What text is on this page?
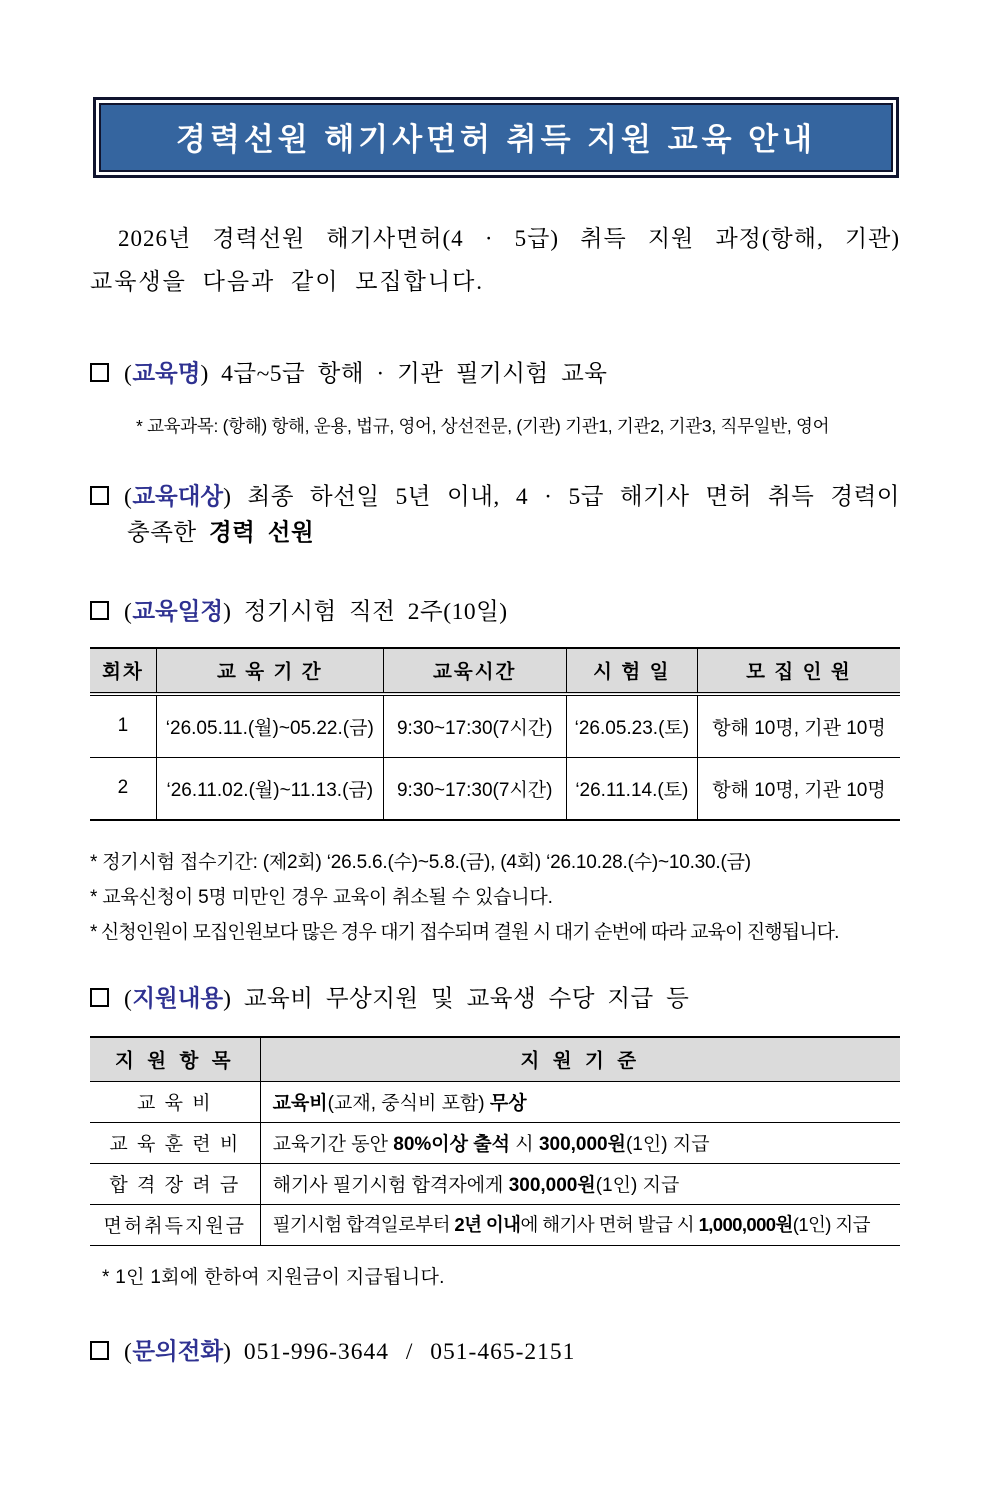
경력선원 해기사면허 취득 지원 교육 안내
2026년 경력선원 해기사면허(4 · 5급) 취득 지원 과정(항해, 기관)
교육생을 다음과 같이 모집합니다.
(교육명) 4급~5급 항해 · 기관 필기시험 교육
* 교육과목: (항해) 항해, 운용, 법규, 영어, 상선전문, (기관) 기관1, 기관2, 기관3, 직무일반, 영어
(교육대상) 최종 하선일 5년 이내, 4 · 5급 해기사 면허 취득 경력이
충족한 경력 선원
(교육일정) 정기시험 직전 2주(10일)
회차	교 육 기 간	교육시간	시 험 일	모 집 인 원
1	‘26.05.11.(월)~05.22.(금)	9:30~17:30(7시간)	‘26.05.23.(토)	항해 10명, 기관 10명
2	‘26.11.02.(월)~11.13.(금)	9:30~17:30(7시간)	‘26.11.14.(토)	항해 10명, 기관 10명
* 정기시험 접수기간: (제2회) ‘26.5.6.(수)~5.8.(금), (4회) ‘26.10.28.(수)~10.30.(금)
* 교육신청이 5명 미만인 경우 교육이 취소될 수 있습니다.
* 신청인원이 모집인원보다 많은 경우 대기 접수되며 결원 시 대기 순번에 따라 교육이 진행됩니다.
(지원내용) 교육비 무상지원 및 교육생 수당 지급 등
지 원 항 목	지 원 기 준
교 육 비	교육비(교재, 중식비 포함) 무상
교 육 훈 련 비	교육기간 동안 80%이상 출석 시 300,000원(1인) 지급
합 격 장 려 금	해기사 필기시험 합격자에게 300,000원(1인) 지급
면허취득지원금	필기시험 합격일로부터 2년 이내에 해기사 면허 발급 시 1,000,000원(1인) 지급
* 1인 1회에 한하여 지원금이 지급됩니다.
(문의전화) 051-996-3644 / 051-465-2151
